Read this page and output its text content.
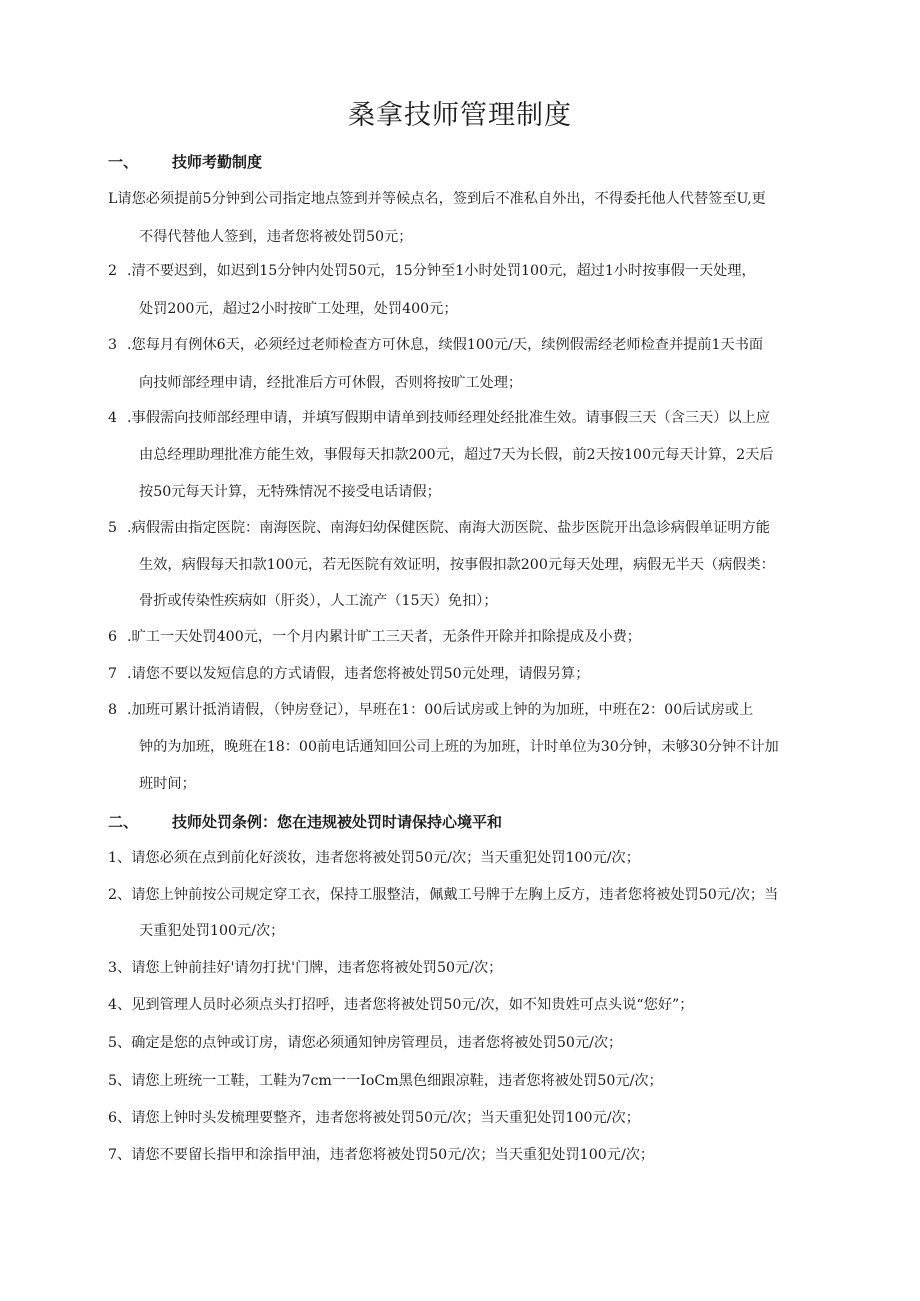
桑拿技师管理制度
一、	技师考勤制度
L请您必须提前5分钟到公司指定地点签到并等候点名，签到后不准私自外出，不得委托他人代替签至U,更
不得代替他人签到，违者您将被处罚50元；
2 .清不要迟到，如迟到15分钟内处罚50元，15分钟至1小时处罚100元，超过1小时按事假一天处理，
处罚200元，超过2小时按旷工处理，处罚400元；
3 .您每月有例休6天，必须经过老师检查方可休息，续假100元/天，续例假需经老师检查并提前1天书面
向技师部经理申请，经批准后方可休假，否则将按旷工处理；
4 .事假需向技师部经理申请，并填写假期申请单到技师经理处经批准生效。请事假三天（含三天）以上应
由总经理助理批准方能生效，事假每天扣款200元，超过7天为长假，前2天按100元每天计算，2天后
按50元每天计算，无特殊情况不接受电话请假；
5 .病假需由指定医院：南海医院、南海妇幼保健医院、南海大沥医院、盐步医院开出急诊病假单证明方能
生效，病假每天扣款100元，若无医院有效证明，按事假扣款200元每天处理，病假无半天（病假类：
骨折或传染性疾病如（肝炎），人工流产（15天）免扣）；
6 .旷工一天处罚400元，一个月内累计旷工三天者，无条件开除并扣除提成及小费；
7 .请您不要以发短信息的方式请假，违者您将被处罚50元处理，请假另算；
8 .加班可累计抵消请假，（钟房登记），早班在1：00后试房或上钟的为加班，中班在2：00后试房或上
钟的为加班，晚班在18：00前电话通知回公司上班的为加班，计时单位为30分钟，未够30分钟不计加
班时间；
二、	技师处罚条例：您在违规被处罚时请保持心境平和
1、请您必须在点到前化好淡妆，违者您将被处罚50元/次；当天重犯处罚100元/次；
2、请您上钟前按公司规定穿工衣，保持工服整洁，佩戴工号牌于左胸上反方，违者您将被处罚50元/次；当
天重犯处罚100元/次；
3、请您上钟前挂好'请勿打扰'门牌，违者您将被处罚50元/次；
4、见到管理人员时必须点头打招呼，违者您将被处罚50元/次，如不知贵姓可点头说“您好”；
5、确定是您的点钟或订房，请您必须通知钟房管理员，违者您将被处罚50元/次；
5、请您上班统一工鞋，工鞋为7cm一一IoCm黑色细跟凉鞋，违者您将被处罚50元/次；
6、请您上钟时头发梳理要整齐，违者您将被处罚50元/次；当天重犯处罚100元/次；
7、请您不要留长指甲和涂指甲油，违者您将被处罚50元/次；当天重犯处罚100元/次；
